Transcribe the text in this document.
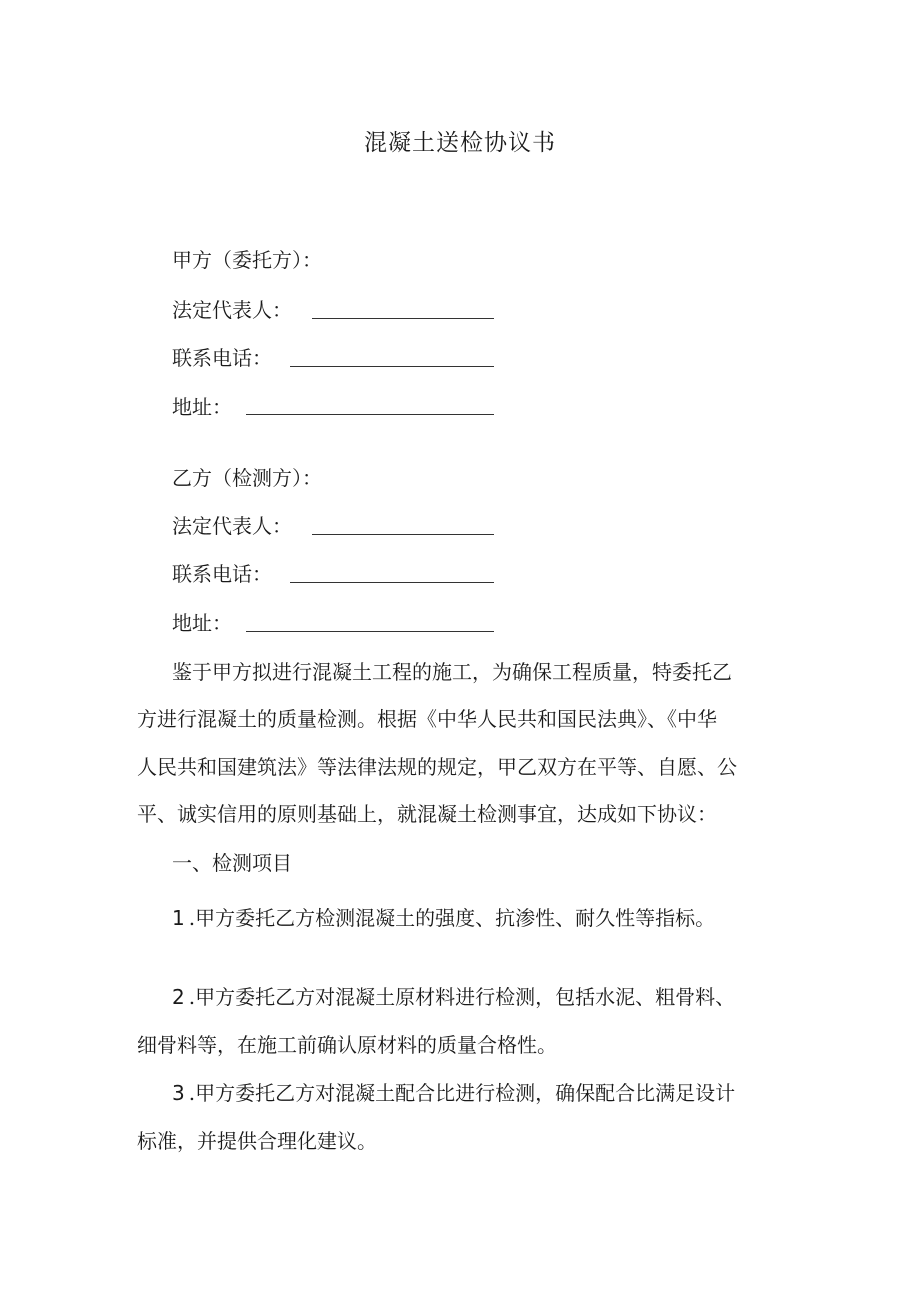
混凝土送检协议书
甲方（委托方）：
法定代表人：
联系电话：
地址：
乙方（检测方）：
法定代表人：
联系电话：
地址：
鉴于甲方拟进行混凝土工程的施工，为确保工程质量，特委托乙
方进行混凝土的质量检测。根据《中华人民共和国民法典》、《中华
人民共和国建筑法》等法律法规的规定，甲乙双方在平等、自愿、公
平、诚实信用的原则基础上，就混凝土检测事宜，达成如下协议：
一、检测项目
1 .甲方委托乙方检测混凝土的强度、抗渗性、耐久性等指标。
2 .甲方委托乙方对混凝土原材料进行检测，包括水泥、粗骨料、
细骨料等，在施工前确认原材料的质量合格性。
3 .甲方委托乙方对混凝土配合比进行检测，确保配合比满足设计
标准，并提供合理化建议。
